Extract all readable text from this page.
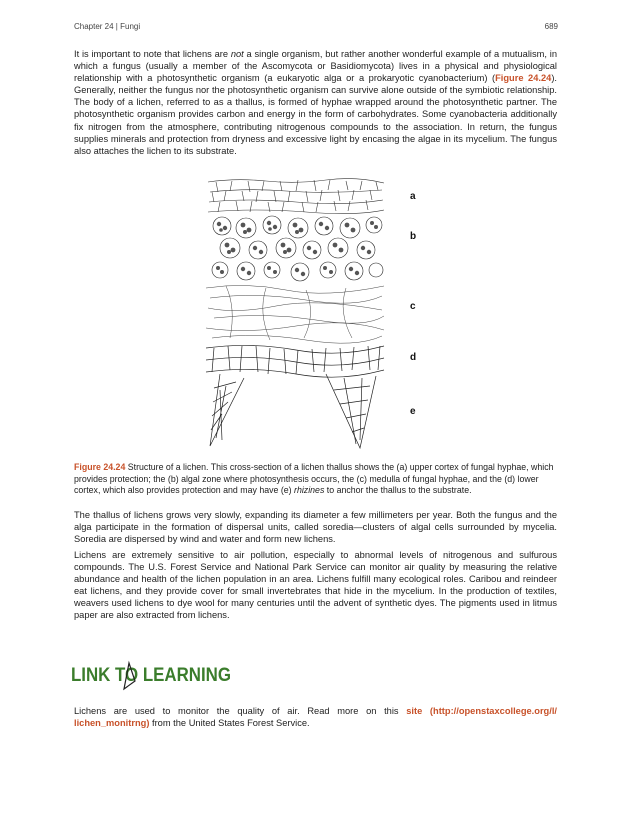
Chapter 24 | Fungi	689

It is important to note that lichens are not a single organism, but rather another wonderful example of a mutualism, in which a fungus (usually a member of the Ascomycota or Basidiomycota) lives in a physical and physiological relationship with a photosynthetic organism (a eukaryotic alga or a prokaryotic cyanobacterium) (Figure 24.24). Generally, neither the fungus nor the photosynthetic organism can survive alone outside of the symbiotic relationship. The body of a lichen, referred to as a thallus, is formed of hyphae wrapped around the photosynthetic partner. The photosynthetic organism provides carbon and energy in the form of carbohydrates. Some cyanobacteria additionally fix nitrogen from the atmosphere, contributing nitrogenous compounds to the association. In return, the fungus supplies minerals and protection from dryness and excessive light by encasing the algae in its mycelium. The fungus also attaches the lichen to its substrate.

a
b
c
d
e

Figure 24.24 Structure of a lichen. This cross-section of a lichen thallus shows the (a) upper cortex of fungal hyphae, which provides protection; the (b) algal zone where photosynthesis occurs, the (c) medulla of fungal hyphae, and the (d) lower cortex, which also provides protection and may have (e) rhizines to anchor the thallus to the substrate.

The thallus of lichens grows very slowly, expanding its diameter a few millimeters per year. Both the fungus and the alga participate in the formation of dispersal units, called soredia—clusters of algal cells surrounded by mycelia. Soredia are dispersed by wind and water and form new lichens.

Lichens are extremely sensitive to air pollution, especially to abnormal levels of nitrogenous and sulfurous compounds. The U.S. Forest Service and National Park Service can monitor air quality by measuring the relative abundance and health of the lichen population in an area. Lichens fulfill many ecological roles. Caribou and reindeer eat lichens, and they provide cover for small invertebrates that hide in the mycelium. In the production of textiles, weavers used lichens to dye wool for many centuries until the advent of synthetic dyes. The pigments used in litmus paper are also extracted from lichens.

LINK TO LEARNING

Lichens are used to monitor the quality of air. Read more on this site (http://openstaxcollege.org/l/ lichen_monitrng) from the United States Forest Service.
